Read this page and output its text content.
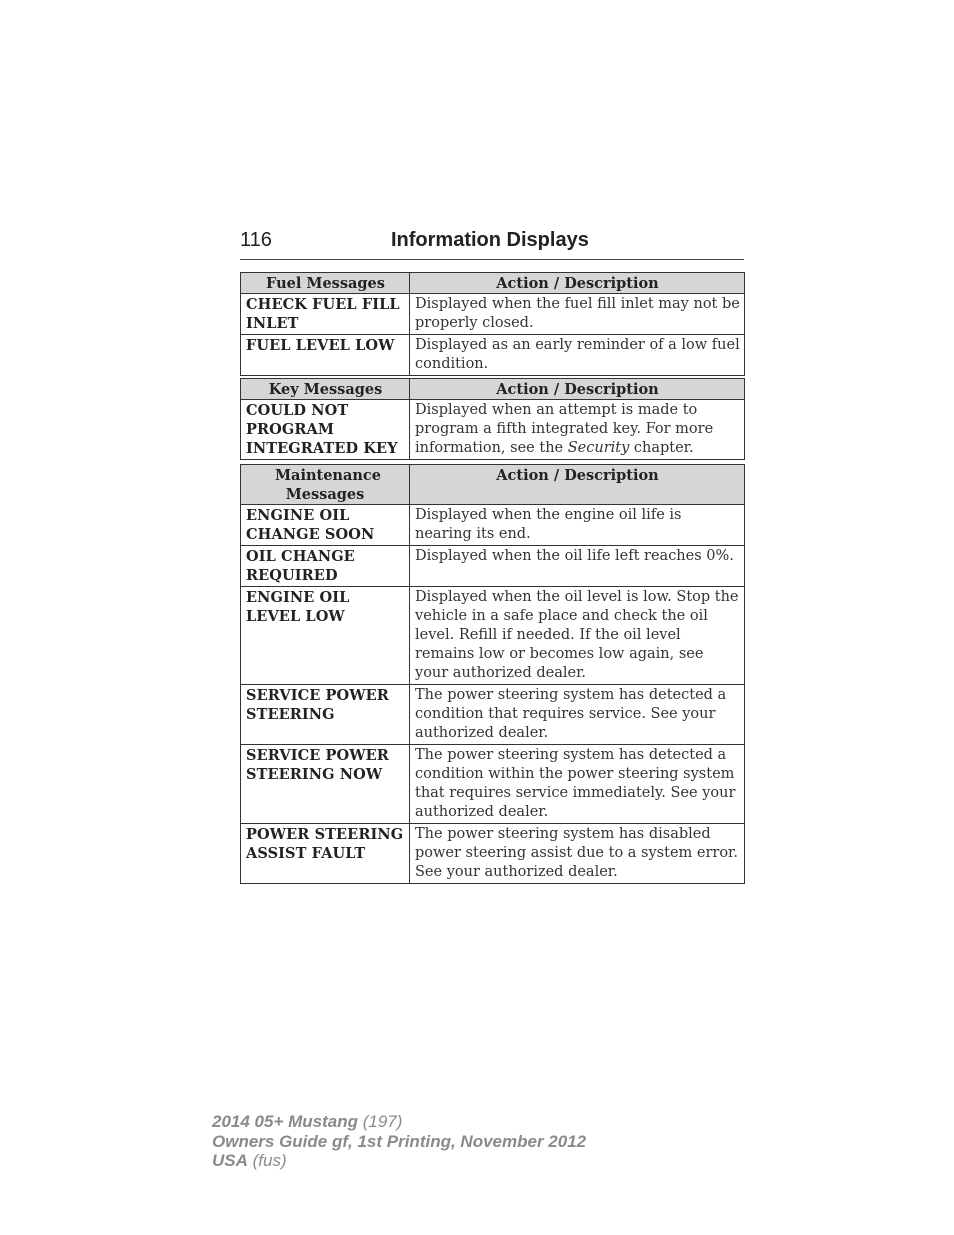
116	Information Displays
Fuel Messages	Action / Description
CHECK FUEL FILL INLET	Displayed when the fuel fill inlet may not be properly closed.
FUEL LEVEL LOW	Displayed as an early reminder of a low fuel condition.
Key Messages	Action / Description
COULD NOT PROGRAM INTEGRATED KEY	Displayed when an attempt is made to program a fifth integrated key. For more information, see the Security chapter.
Maintenance Messages	Action / Description
ENGINE OIL CHANGE SOON	Displayed when the engine oil life is nearing its end.
OIL CHANGE REQUIRED	Displayed when the oil life left reaches 0%.
ENGINE OIL LEVEL LOW	Displayed when the oil level is low. Stop the vehicle in a safe place and check the oil level. Refill if needed. If the oil level remains low or becomes low again, see your authorized dealer.
SERVICE POWER STEERING	The power steering system has detected a condition that requires service. See your authorized dealer.
SERVICE POWER STEERING NOW	The power steering system has detected a condition within the power steering system that requires service immediately. See your authorized dealer.
POWER STEERING ASSIST FAULT	The power steering system has disabled power steering assist due to a system error. See your authorized dealer.
2014 05+ Mustang (197)
Owners Guide gf, 1st Printing, November 2012
USA (fus)
